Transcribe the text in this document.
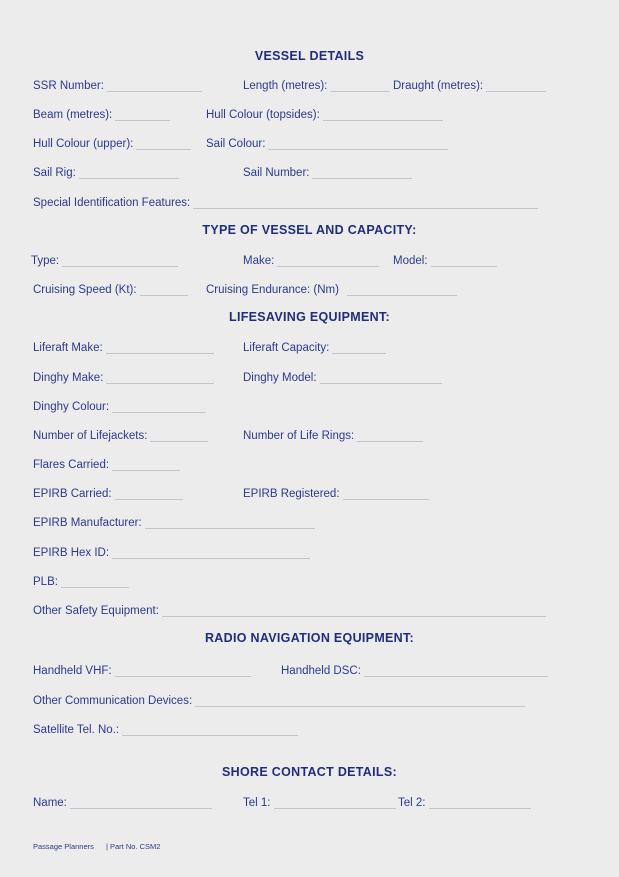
VESSEL DETAILS
SSR Number:	Length (metres):	Draught (metres):
Beam (metres):	Hull Colour (topsides):
Hull Colour (upper):	Sail Colour:
Sail Rig:	Sail Number:
Special Identification Features:
TYPE OF VESSEL AND CAPACITY:
Type:	Make:	Model:
Cruising Speed (Kt):	Cruising Endurance: (Nm)
LIFESAVING EQUIPMENT:
Liferaft Make:	Liferaft Capacity:
Dinghy Make:	Dinghy Model:
Dinghy Colour:
Number of Lifejackets:	Number of Life Rings:
Flares Carried:
EPIRB Carried:	EPIRB Registered:
EPIRB Manufacturer:
EPIRB Hex ID:
PLB:
Other Safety Equipment:
RADIO NAVIGATION EQUIPMENT:
Handheld VHF:	Handheld DSC:
Other Communication Devices:
Satellite Tel. No.:
SHORE CONTACT DETAILS:
Name:	Tel 1:	Tel 2:
Passage Planners | Part No. CSM2
